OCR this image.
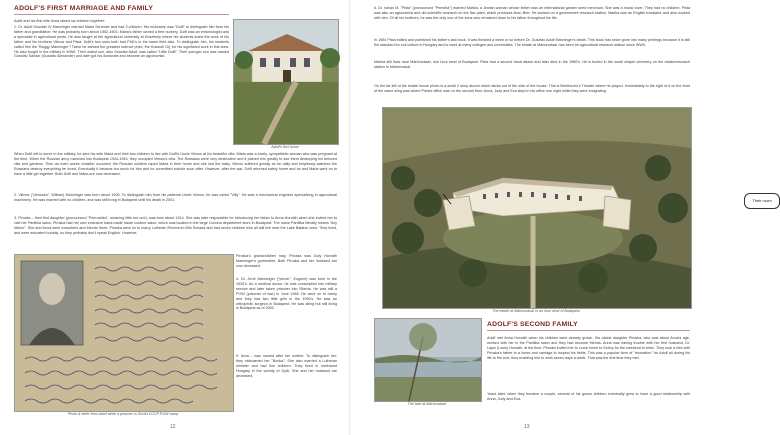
ADOLF'S FIRST MARRIAGE AND FAMILY
Adolf and his first wife Ilona raised six children together:
1. Dr. Adolf Gusztáv IV Manninger married Mária Schecter and had 3 children. His nickname was "Dolfi" to distinguish him from his father and grandfather. He was probably born about 1902-1903. Mária's father owned a tree nursery. Dolfi was an entomologist and a specialist in agricultural pests. He also taught at the agricultural university at Keszthely where his students knew the work of his father and his brothers Vilmos and Pista. Dolfi's two sons both had PhD's in the same field also. To distinguish him, his students called him the "Buggy Manninger"! Twice he earned the greatest science prize, the Kossuth Díj, for his significant work in this area. He also fought in the military in WWII. Their oldest son, also Gusztáv Adolf, was called "Little Dolfi". Their younger son was named Gusztáv Sándor (Gusztáv Alexander) and later got his doctorate and became an agronomist.
Adolf's first home
When Dolfi left to serve in the military, he sent his wife Mária and their two children to live with Dolfi's Uncle Vilmos at his beautiful villa. Mária was a lovely, sympathetic woman who was pregnant at the time. When the Russian army marched into Budapest 1944-1945, they occupied Vilmos's villa. The Russians were very destructive and it pained him greatly to see them destroying his beloved villa and gardens. Then an even worse violation occurred; the Russian soldiers raped Mária in their home and she lost the baby. Vilmos suffered greatly as he daily and helplessly watched the Russians destroy everything he loved. Eventually it became too much for him and he committed suicide soon after. However, after the war, Dolfi returned safely home and he and Mária went on to have a little girl together. Both Dolfi and Mária are now deceased.
2. Vilmos ("vilmoosh", William) Manninger was born about 1905. To distinguish him from his paternal Uncle Vilmos, he was called "Villy". He was a mechanical engineer specializing in agricultural machinery. He was married with no children, and was still living in Budapest until his death in 2001.
3. Piroska – their first daughter (pronounced "Peeroshka", meaning little red one), was born about 1914. She was later responsible for introducing her father to Anna Horváth when she invited her to visit her Pántlika salon. Piroska had her own exclusive hand-made haute couture salon, which was located in the large Corvina department store in Budapest. The name Pántlika literally means "tiny ribbon". She and Anna were coworkers and friends there. Piroska went on to marry Lutheran Reverend Ottó Schaad and had seven children who all still live near the Lake Balaton area. They lived, and were educated humbly, so they probably don't speak English. However,
Photo & letter from Adolf while a prisoner in Soviet CCCP POW camp
Piroska's grandchildren may. Piroska was Judy Horváth Manninger's godmother. Both Piroska and her husband are now deceased.
4. Dr. Jenő Manninger ("yenoh", Eugene) was born in the 1920's. As a medical doctor, he was conscripted into military service and later taken prisoner into Siberia. He was still a POW (prisoner of war) in June 1948. He went on to marry and they had two little girls in the 1950's. He was an orthopedic surgeon in Budapest. He was ailing but still living in Budapest as of 2002.
5. Ilona – was named after her mother. To distinguish her, they nicknamed her "Bonka". She also married a Lutheran minister and had five children. They lived in northwest Hungary in the vicinity of Győr. She and her husband are deceased.
12
6. Dr. István M. "Pista" (pronounced "Peeshta") married Marika, a Jewish woman whose father was an international garden seed merchant. She was a music lover. They had no children. Pista was also an agronomist and did scientific research on the flax plant, which produces linen fiber. He worked on a government research station. Marika was an English translator and also worked with him. Of all his brothers, he was the only one of the sons who remained close to his father throughout his life.
In 1954 Pista edited and published his father's last book. It was finished a week or so before Dr. Gusztáv Adolf Manninger's death. This book has since gone into many printings because it is still the standard for soil culture in Hungary and is used at many colleges and universities. The estate at Mártonvásár has been an agricultural research station since WWII.
Marika still lives near Mártonvásár, one hour west of Budapest. Pista had a second heart attack and later died in the 1960's. He is buried in the small chapel cemetery on the estate/research station in Mártonvásár.
On the far left of the estate house photo is a small 2 story alcove which sticks out of the side of the house. This is Beethoven's Theater where he played. Immediately to the right of it on the front of the same wing was where Pista's office was on the second floor. Anna, Judy and Eva slept in his office one night while they were emigrating.
Their room
The estate at Mártonvásár is an hour west of Budapest
The lake at Mártonvásár
ADOLF'S SECOND FAMILY
Adolf met Anna Horváth when his children were already grown. His oldest daughter Piroska, who was about Anna's age, worked with her in the Pántlika salon and they had become friends. Anna was having trouble with her first husband, Dr. Lajos (Louis) Horváth, at the time. Piroska invited her to come home to Szőny for the weekend to relax. They took a ride with Piroska's father in a horse and carriage to inspect his fields. This was a popular form of "recreation" for Adolf all during his life to the end, thus enabling him to work seven days a week. That was the first time they met.
Years later, when they became a couple, several of his grown children eventually grew to have a good relationship with Anna, Judy and Eva.
13
